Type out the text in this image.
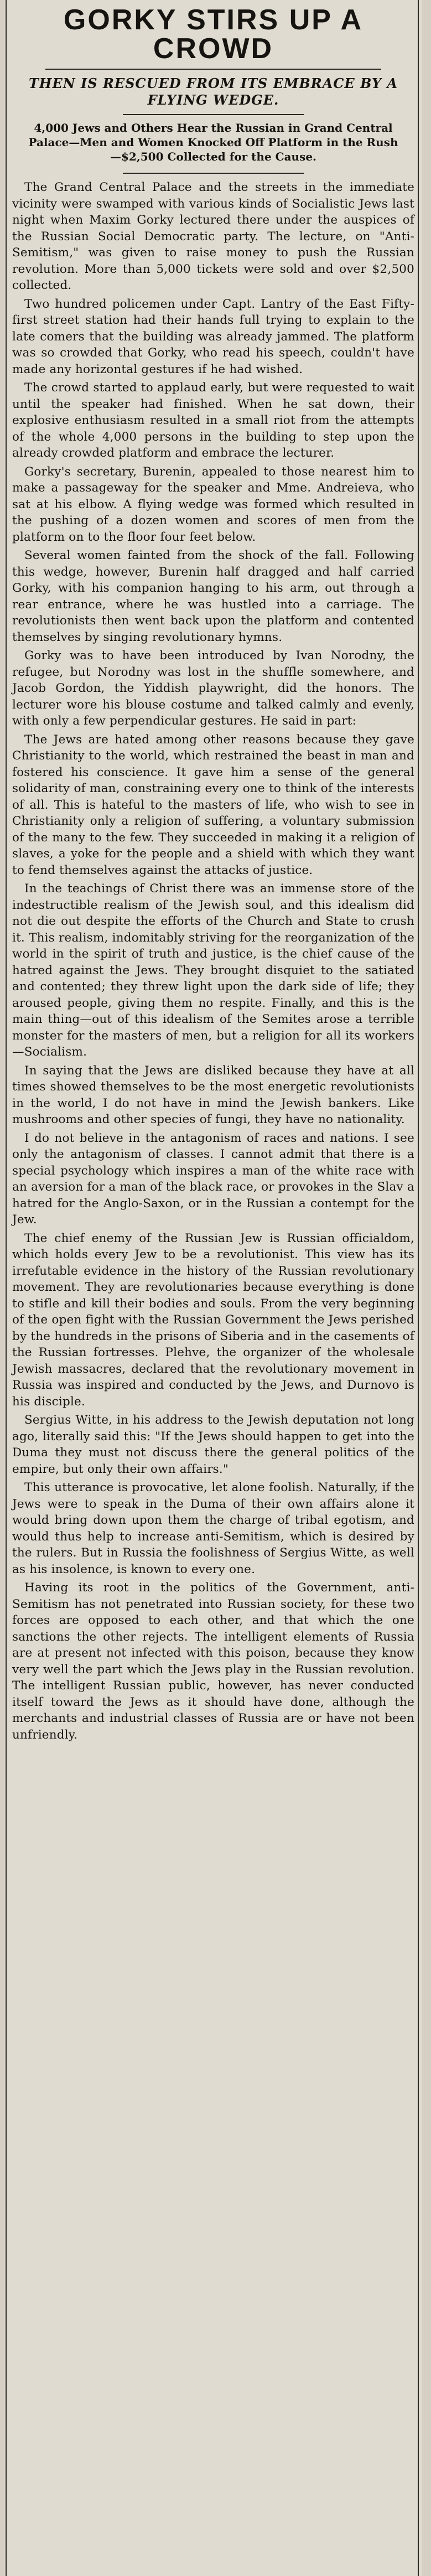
GORKY STIRS UP A CROWD
THEN IS RESCUED FROM ITS EMBRACE BY A FLYING WEDGE.
4,000 Jews and Others Hear the Russian in Grand Central Palace—Men and Women Knocked Off Platform in the Rush—$2,500 Collected for the Cause.

The Grand Central Palace and the streets in the immediate vicinity were swamped with various kinds of Socialistic Jews last night when Maxim Gorky lectured there under the auspices of the Russian Social Democratic party. The lecture, on "Anti-Semitism," was given to raise money to push the Russian revolution. More than 5,000 tickets were sold and over $2,500 collected.

Two hundred policemen under Capt. Lantry of the East Fifty-first street station had their hands full trying to explain to the late comers that the building was already jammed. The platform was so crowded that Gorky, who read his speech, couldn't have made any horizontal gestures if he had wished.

The crowd started to applaud early, but were requested to wait until the speaker had finished. When he sat down, their explosive enthusiasm resulted in a small riot from the attempts of the whole 4,000 persons in the building to step upon the already crowded platform and embrace the lecturer.

Gorky's secretary, Burenin, appealed to those nearest him to make a passageway for the speaker and Mme. Andreieva, who sat at his elbow. A flying wedge was formed which resulted in the pushing of a dozen women and scores of men from the platform on to the floor four feet below.

Several women fainted from the shock of the fall. Following this wedge, however, Burenin half dragged and half carried Gorky, with his companion hanging to his arm, out through a rear entrance, where he was hustled into a carriage. The revolutionists then went back upon the platform and contented themselves by singing revolutionary hymns.

Gorky was to have been introduced by Ivan Norodny, the refugee, but Norodny was lost in the shuffle somewhere, and Jacob Gordon, the Yiddish playwright, did the honors. The lecturer wore his blouse costume and talked calmly and evenly, with only a few perpendicular gestures. He said in part:

The Jews are hated among other reasons because they gave Christianity to the world, which restrained the beast in man and fostered his conscience. It gave him a sense of the general solidarity of man, constraining every one to think of the interests of all. This is hateful to the masters of life, who wish to see in Christianity only a religion of suffering, a voluntary submission of the many to the few. They succeeded in making it a religion of slaves, a yoke for the people and a shield with which they want to fend themselves against the attacks of justice.

In the teachings of Christ there was an immense store of the indestructible realism of the Jewish soul, and this idealism did not die out despite the efforts of the Church and State to crush it. This realism, indomitably striving for the reorganization of the world in the spirit of truth and justice, is the chief cause of the hatred against the Jews. They brought disquiet to the satiated and contented; they threw light upon the dark side of life; they aroused people, giving them no respite. Finally, and this is the main thing—out of this idealism of the Semites arose a terrible monster for the masters of men, but a religion for all its workers—Socialism.

In saying that the Jews are disliked because they have at all times showed themselves to be the most energetic revolutionists in the world, I do not have in mind the Jewish bankers. Like mushrooms and other species of fungi, they have no nationality.

I do not believe in the antagonism of races and nations. I see only the antagonism of classes. I cannot admit that there is a special psychology which inspires a man of the white race with an aversion for a man of the black race, or provokes in the Slav a hatred for the Anglo-Saxon, or in the Russian a contempt for the Jew.

The chief enemy of the Russian Jew is Russian officialdom, which holds every Jew to be a revolutionist. This view has its irrefutable evidence in the history of the Russian revolutionary movement. They are revolutionaries because everything is done to stifle and kill their bodies and souls. From the very beginning of the open fight with the Russian Government the Jews perished by the hundreds in the prisons of Siberia and in the casements of the Russian fortresses. Plehve, the organizer of the wholesale Jewish massacres, declared that the revolutionary movement in Russia was inspired and conducted by the Jews, and Durnovo is his disciple.

Sergius Witte, in his address to the Jewish deputation not long ago, literally said this: "If the Jews should happen to get into the Duma they must not discuss there the general politics of the empire, but only their own affairs."

This utterance is provocative, let alone foolish. Naturally, if the Jews were to speak in the Duma of their own affairs alone it would bring down upon them the charge of tribal egotism, and would thus help to increase anti-Semitism, which is desired by the rulers. But in Russia the foolishness of Sergius Witte, as well as his insolence, is known to every one.

Having its root in the politics of the Government, anti-Semitism has not penetrated into Russian society, for these two forces are opposed to each other, and that which the one sanctions the other rejects. The intelligent elements of Russia are at present not infected with this poison, because they know very well the part which the Jews play in the Russian revolution. The intelligent Russian public, however, has never conducted itself toward the Jews as it should have done, although the merchants and industrial classes of Russia are or have not been unfriendly.
